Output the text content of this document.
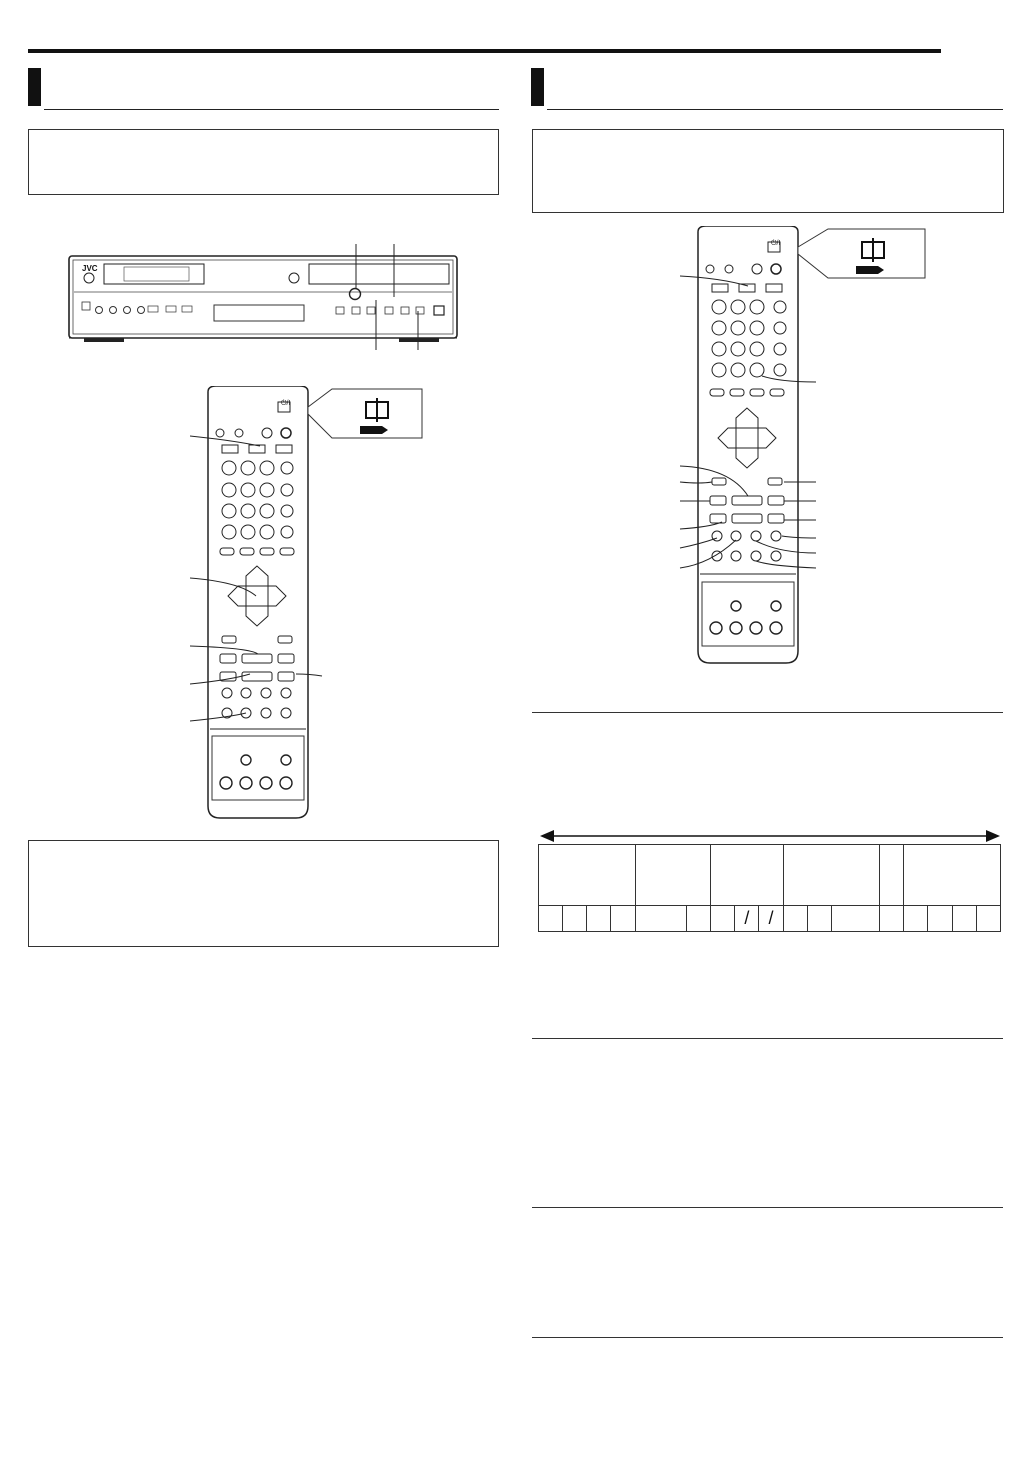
JVC
⏻/I
⏻/I

							/	/								
